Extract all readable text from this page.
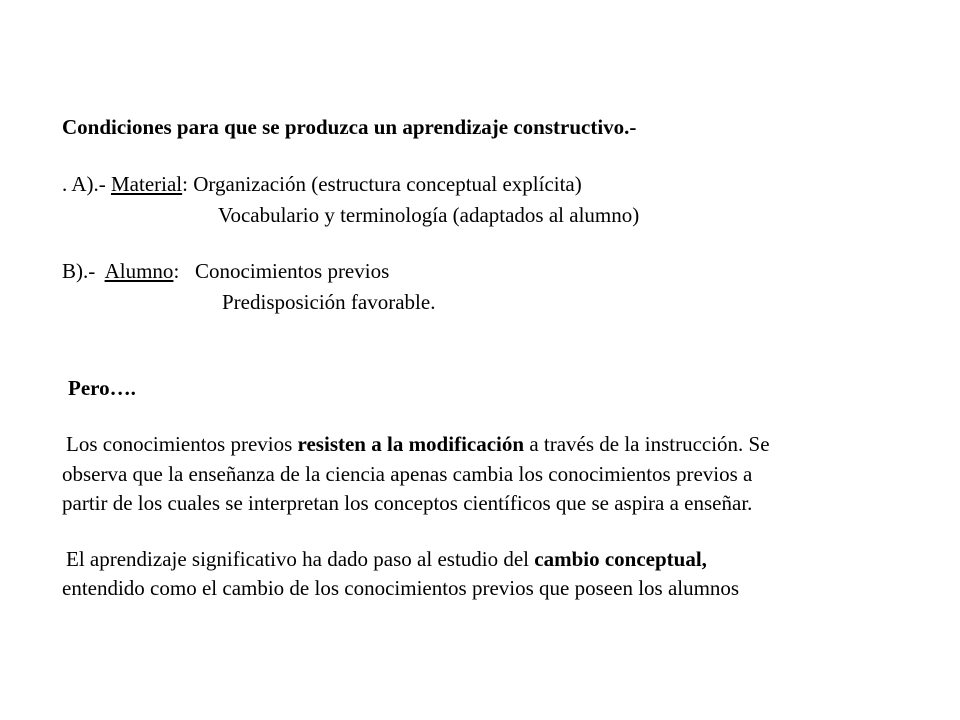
Condiciones para que se produzca un aprendizaje constructivo.-
. A).- Material: Organización (estructura conceptual explícita)
Vocabulario y terminología (adaptados al alumno)
B).-  Alumno:   Conocimientos previos
Predisposición favorable.
Pero….
Los conocimientos previos resisten a la modificación a través de la instrucción. Se
observa que la enseñanza de la ciencia apenas cambia los conocimientos previos a
partir de los cuales se interpretan los conceptos científicos que se aspira a enseñar.
El aprendizaje significativo ha dado paso al estudio del cambio conceptual,
entendido como el cambio de los conocimientos previos que poseen los alumnos
